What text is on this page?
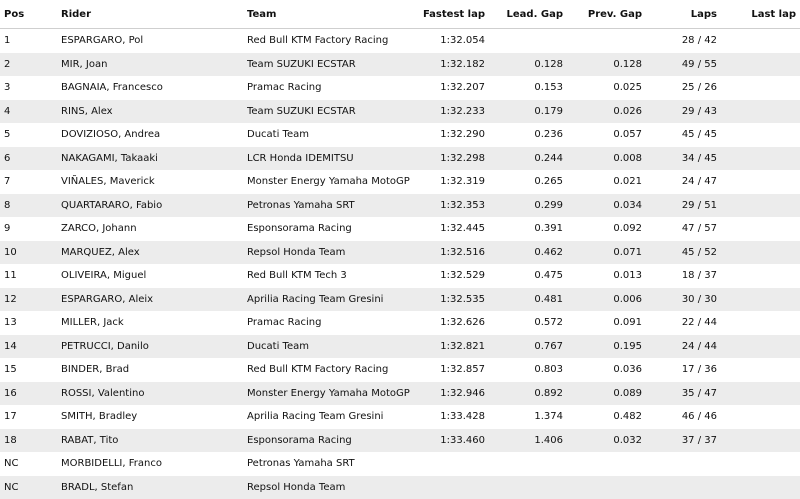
Pos	Rider	Team	Fastest lap	Lead. Gap	Prev. Gap	Laps	Last lap
1	ESPARGARO, Pol	Red Bull KTM Factory Racing	1:32.054			28 / 42	
2	MIR, Joan	Team SUZUKI ECSTAR	1:32.182	0.128	0.128	49 / 55	
3	BAGNAIA, Francesco	Pramac Racing	1:32.207	0.153	0.025	25 / 26	
4	RINS, Alex	Team SUZUKI ECSTAR	1:32.233	0.179	0.026	29 / 43	
5	DOVIZIOSO, Andrea	Ducati Team	1:32.290	0.236	0.057	45 / 45	
6	NAKAGAMI, Takaaki	LCR Honda IDEMITSU	1:32.298	0.244	0.008	34 / 45	
7	VIÑALES, Maverick	Monster Energy Yamaha MotoGP	1:32.319	0.265	0.021	24 / 47	
8	QUARTARARO, Fabio	Petronas Yamaha SRT	1:32.353	0.299	0.034	29 / 51	
9	ZARCO, Johann	Esponsorama Racing	1:32.445	0.391	0.092	47 / 57	
10	MARQUEZ, Alex	Repsol Honda Team	1:32.516	0.462	0.071	45 / 52	
11	OLIVEIRA, Miguel	Red Bull KTM Tech 3	1:32.529	0.475	0.013	18 / 37	
12	ESPARGARO, Aleix	Aprilia Racing Team Gresini	1:32.535	0.481	0.006	30 / 30	
13	MILLER, Jack	Pramac Racing	1:32.626	0.572	0.091	22 / 44	
14	PETRUCCI, Danilo	Ducati Team	1:32.821	0.767	0.195	24 / 44	
15	BINDER, Brad	Red Bull KTM Factory Racing	1:32.857	0.803	0.036	17 / 36	
16	ROSSI, Valentino	Monster Energy Yamaha MotoGP	1:32.946	0.892	0.089	35 / 47	
17	SMITH, Bradley	Aprilia Racing Team Gresini	1:33.428	1.374	0.482	46 / 46	
18	RABAT, Tito	Esponsorama Racing	1:33.460	1.406	0.032	37 / 37	
NC	MORBIDELLI, Franco	Petronas Yamaha SRT					
NC	BRADL, Stefan	Repsol Honda Team					
